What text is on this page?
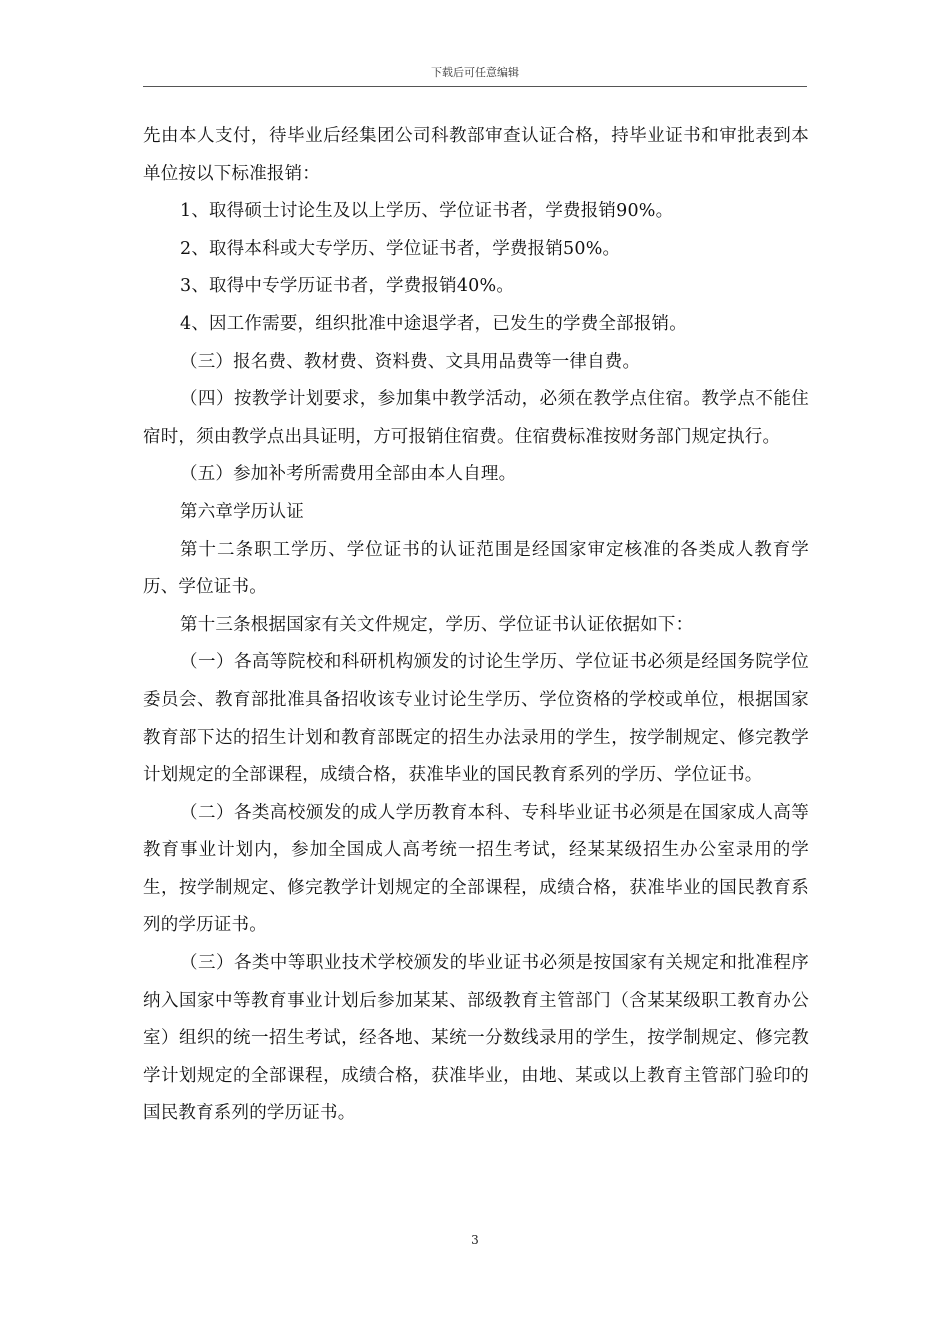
下载后可任意编辑

先由本人支付，待毕业后经集团公司科教部审查认证合格，持毕业证书和审批表到本单位按以下标准报销：

1、取得硕士讨论生及以上学历、学位证书者，学费报销90%。

2、取得本科或大专学历、学位证书者，学费报销50%。

3、取得中专学历证书者，学费报销40%。

4、因工作需要，组织批准中途退学者，已发生的学费全部报销。

（三）报名费、教材费、资料费、文具用品费等一律自费。

（四）按教学计划要求，参加集中教学活动，必须在教学点住宿。教学点不能住宿时，须由教学点出具证明，方可报销住宿费。住宿费标准按财务部门规定执行。

（五）参加补考所需费用全部由本人自理。

第六章学历认证

第十二条职工学历、学位证书的认证范围是经国家审定核准的各类成人教育学历、学位证书。

第十三条根据国家有关文件规定，学历、学位证书认证依据如下：

（一）各高等院校和科研机构颁发的讨论生学历、学位证书必须是经国务院学位委员会、教育部批准具备招收该专业讨论生学历、学位资格的学校或单位，根据国家教育部下达的招生计划和教育部既定的招生办法录用的学生，按学制规定、修完教学计划规定的全部课程，成绩合格，获准毕业的国民教育系列的学历、学位证书。

（二）各类高校颁发的成人学历教育本科、专科毕业证书必须是在国家成人高等教育事业计划内，参加全国成人高考统一招生考试，经某某级招生办公室录用的学生，按学制规定、修完教学计划规定的全部课程，成绩合格，获准毕业的国民教育系列的学历证书。

（三）各类中等职业技术学校颁发的毕业证书必须是按国家有关规定和批准程序纳入国家中等教育事业计划后参加某某、部级教育主管部门（含某某级职工教育办公室）组织的统一招生考试，经各地、某统一分数线录用的学生，按学制规定、修完教学计划规定的全部课程，成绩合格，获准毕业，由地、某或以上教育主管部门验印的国民教育系列的学历证书。

3
